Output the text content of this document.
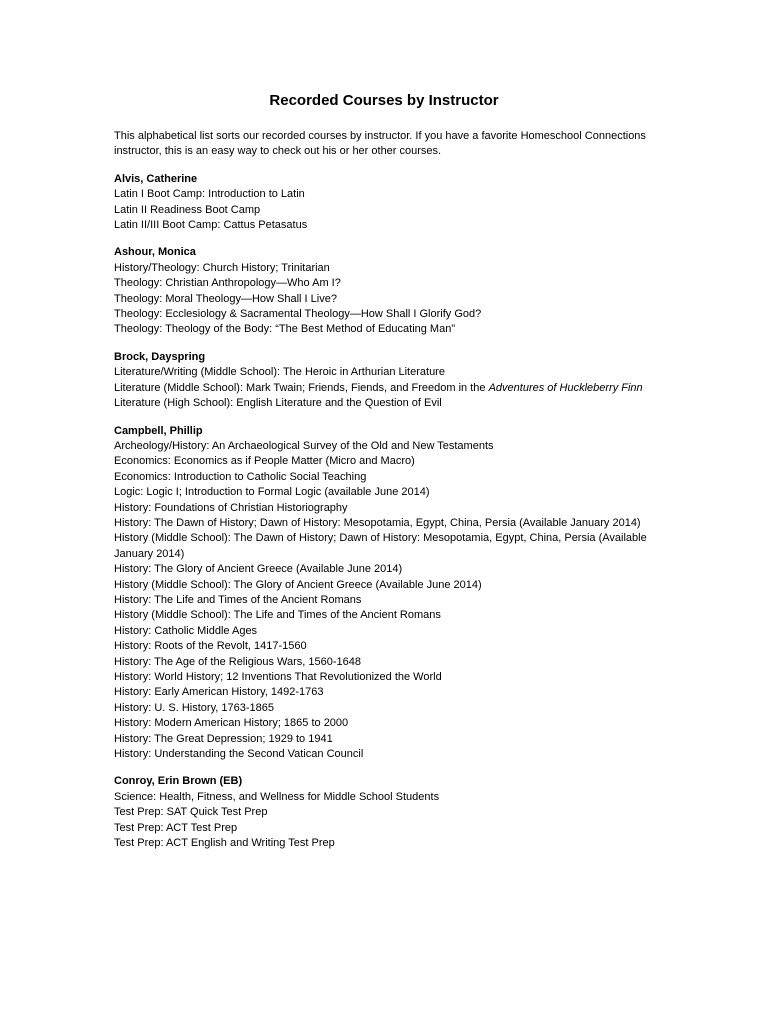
Recorded Courses by Instructor

This alphabetical list sorts our recorded courses by instructor. If you have a favorite Homeschool Connections instructor, this is an easy way to check out his or her other courses.

Alvis, Catherine
Latin I Boot Camp: Introduction to Latin
Latin II Readiness Boot Camp
Latin II/III Boot Camp: Cattus Petasatus
Ashour, Monica
History/Theology: Church History; Trinitarian
Theology: Christian Anthropology—Who Am I?
Theology: Moral Theology—How Shall I Live?
Theology: Ecclesiology & Sacramental Theology—How Shall I Glorify God?
Theology: Theology of the Body: “The Best Method of Educating Man”
Brock, Dayspring
Literature/Writing (Middle School): The Heroic in Arthurian Literature
Literature (Middle School): Mark Twain; Friends, Fiends, and Freedom in the Adventures of Huckleberry Finn
Literature (High School): English Literature and the Question of Evil
Campbell, Phillip
Archeology/History: An Archaeological Survey of the Old and New Testaments
Economics: Economics as if People Matter (Micro and Macro)
Economics: Introduction to Catholic Social Teaching
Logic: Logic I; Introduction to Formal Logic (available June 2014)
History: Foundations of Christian Historiography
History: The Dawn of History; Dawn of History: Mesopotamia, Egypt, China, Persia (Available January 2014)
History (Middle School): The Dawn of History; Dawn of History: Mesopotamia, Egypt, China, Persia (Available January 2014)
History: The Glory of Ancient Greece (Available June 2014)
History (Middle School): The Glory of Ancient Greece (Available June 2014)
History: The Life and Times of the Ancient Romans
History (Middle School): The Life and Times of the Ancient Romans
History: Catholic Middle Ages
History: Roots of the Revolt, 1417-1560
History: The Age of the Religious Wars, 1560-1648
History: World History; 12 Inventions That Revolutionized the World
History: Early American History, 1492-1763
History: U. S. History, 1763-1865
History: Modern American History; 1865 to 2000
History: The Great Depression; 1929 to 1941
History: Understanding the Second Vatican Council
Conroy, Erin Brown (EB)
Science: Health, Fitness, and Wellness for Middle School Students
Test Prep: SAT Quick Test Prep
Test Prep: ACT Test Prep
Test Prep: ACT English and Writing Test Prep
